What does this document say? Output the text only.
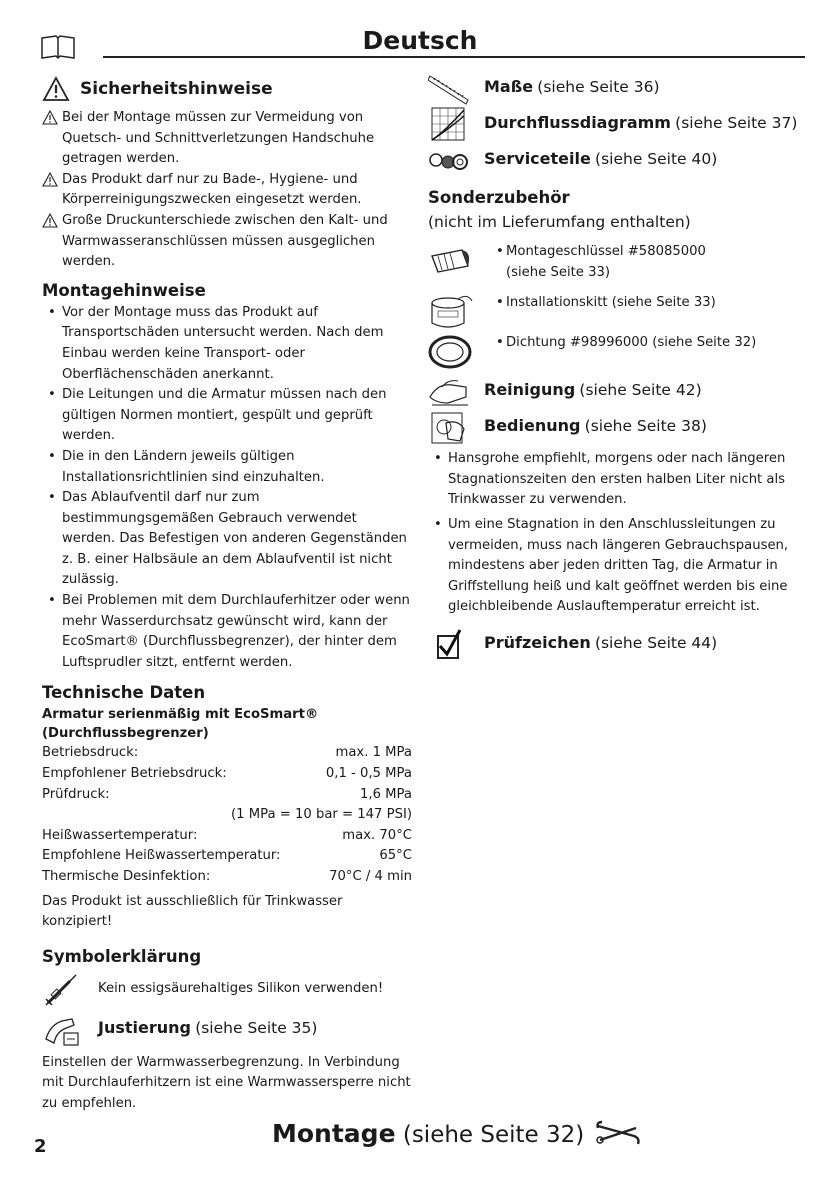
Deutsch
Sicherheitshinweise
Bei der Montage müssen zur Vermeidung von Quetsch- und Schnittverletzungen Handschuhe getragen werden.
Das Produkt darf nur zu Bade-, Hygiene- und Körperreinigungszwecken eingesetzt werden.
Große Druckunterschiede zwischen den Kalt- und Warmwasseranschlüssen müssen ausgeglichen werden.
Montagehinweise
• Vor der Montage muss das Produkt auf Transportschäden untersucht werden. Nach dem Einbau werden keine Transport- oder Oberflächenschäden anerkannt.
• Die Leitungen und die Armatur müssen nach den gültigen Normen montiert, gespült und geprüft werden.
• Die in den Ländern jeweils gültigen Installationsrichtlinien sind einzuhalten.
• Das Ablaufventil darf nur zum bestimmungsgemäßen Gebrauch verwendet werden. Das Befestigen von anderen Gegenständen z. B. einer Halbsäule an dem Ablaufventil ist nicht zulässig.
• Bei Problemen mit dem Durchlauferhitzer oder wenn mehr Wasserdurchsatz gewünscht wird, kann der EcoSmart® (Durchflussbegrenzer), der hinter dem Luftsprudler sitzt, entfernt werden.
Technische Daten

Armatur serienmäßig mit EcoSmart® (Durchflussbegrenzer)

Betriebsdruck:	max. 1 MPa
Empfohlener Betriebsdruck:	0,1 - 0,5 MPa
Prüfdruck:	1,6 MPa
(1 MPa = 10 bar = 147 PSI)
Heißwassertemperatur:	max. 70°C
Empfohlene Heißwassertemperatur:	65°C
Thermische Desinfektion:	70°C / 4 min
Das Produkt ist ausschließlich für Trinkwasser konzipiert!
Symbolerklärung
Kein essigsäurehaltiges Silikon verwenden!
Justierung (siehe Seite 35)
Einstellen der Warmwasserbegrenzung. In Verbindung mit Durchlauferhitzern ist eine Warmwassersperre nicht zu empfehlen.
Maße (siehe Seite 36)
Durchflussdiagramm (siehe Seite 37)
Serviceteile (siehe Seite 40)
Sonderzubehör
(nicht im Lieferumfang enthalten)
• Montageschlüssel #58085000
(siehe Seite 33)
• Installationskitt (siehe Seite 33)
• Dichtung #98996000 (siehe Seite 32)
Reinigung (siehe Seite 42)
Bedienung (siehe Seite 38)
• Hansgrohe empfiehlt, morgens oder nach längeren Stagnationszeiten den ersten halben Liter nicht als Trinkwasser zu verwenden.
• Um eine Stagnation in den Anschlussleitungen zu vermeiden, muss nach längeren Gebrauchspausen, mindestens aber jeden dritten Tag, die Armatur in Griffstellung heiß und kalt geöffnet werden bis eine gleichbleibende Auslauftemperatur erreicht ist.
Prüfzeichen (siehe Seite 44)
2	Montage (siehe Seite 32)
